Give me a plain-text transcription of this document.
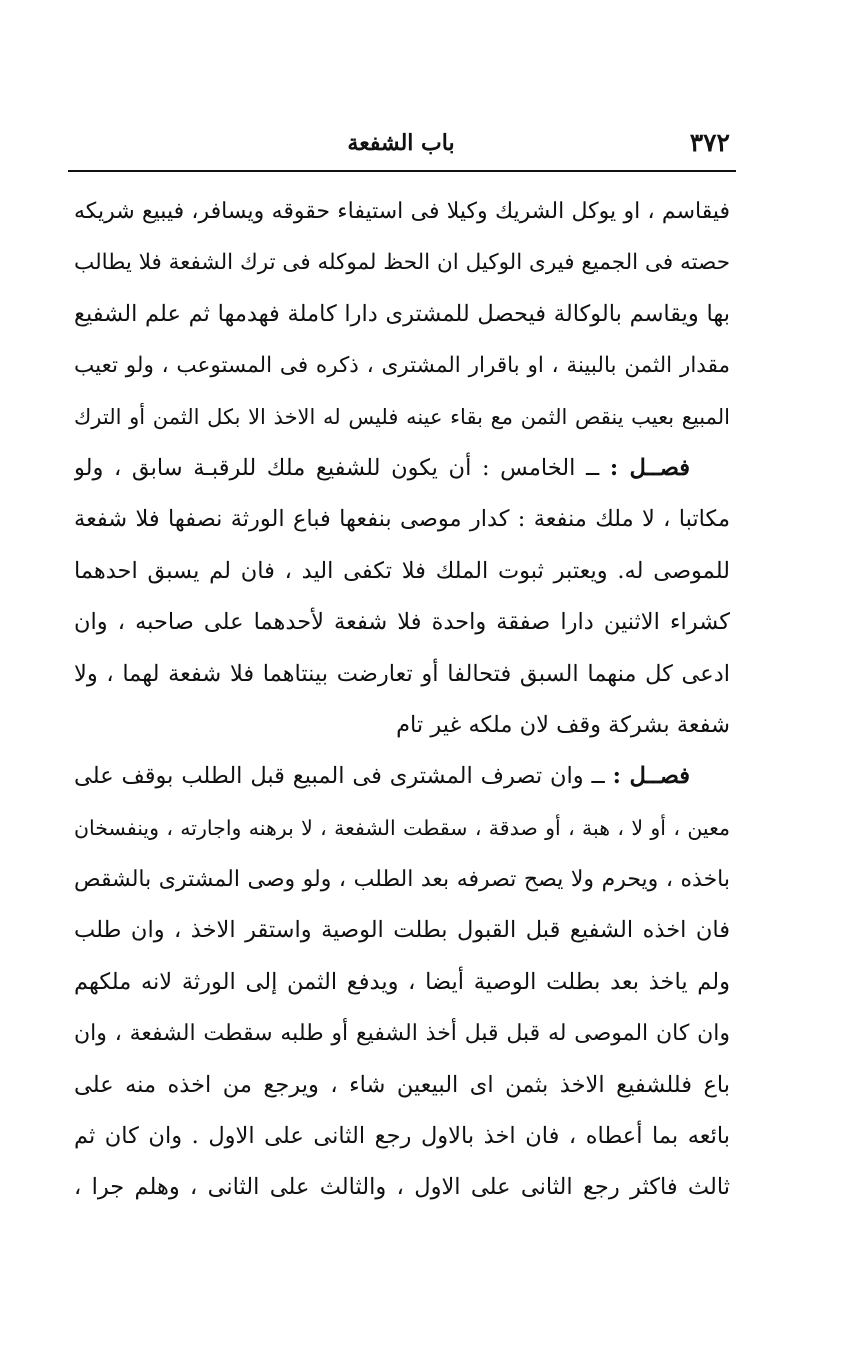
٣٧٢
باب الشفعة
فيقاسم ، او يوكل الشريك وكيلا فى استيفاء حقوقه ويسافر، فيبيع شريكه
حصته فى الجميع فيرى الوكيل ان الحظ لموكله فى ترك الشفعة فلا يطالب
بها ويقاسم بالوكالة فيحصل للمشترى دارا كاملة فهدمها ثم علم الشفيع
مقدار الثمن بالبينة ، او باقرار المشترى ، ذكره فى المستوعب ، ولو تعيب
المبيع بعيب ينقص الثمن مع بقاء عينه فليس له الاخذ الا بكل الثمن أو الترك
فصــل : ــ الخامس : أن يكون للشفيع ملك للرقبـة سابق ، ولو
مكاتبا ، لا ملك منفعة : كدار موصى بنفعها فباع الورثة نصفها فلا شفعة
للموصى له. ويعتبر ثبوت الملك فلا تكفى اليد ، فان لم يسبق احدهما
كشراء الاثنين دارا صفقة واحدة فلا شفعة لأحدهما على صاحبه ، وان
ادعى كل منهما السبق فتحالفا أو تعارضت بينتاهما فلا شفعة لهما ، ولا
شفعة بشركة وقف لان ملكه غير تام
فصــل : ــ وان تصرف المشترى فى المبيع قبل الطلب بوقف على
معين ، أو لا ، هبة ، أو صدقة ، سقطت الشفعة ، لا برهنه واجارته ، وينفسخان
باخذه ، ويحرم ولا يصح تصرفه بعد الطلب ، ولو وصى المشترى بالشقص
فان اخذه الشفيع قبل القبول بطلت الوصية واستقر الاخذ ، وان طلب
ولم ياخذ بعد بطلت الوصية أيضا ، ويدفع الثمن إلى الورثة لانه ملكهم
وان كان الموصى له قبل قبل أخذ الشفيع أو طلبه سقطت الشفعة ، وان
باع فللشفيع الاخذ بثمن اى البيعين شاء ، ويرجع من اخذه منه على
بائعه بما أعطاه ، فان اخذ بالاول رجع الثانى على الاول . وان كان ثم
ثالث فاكثر رجع الثانى على الاول ، والثالث على الثانى ، وهلم جرا ،
